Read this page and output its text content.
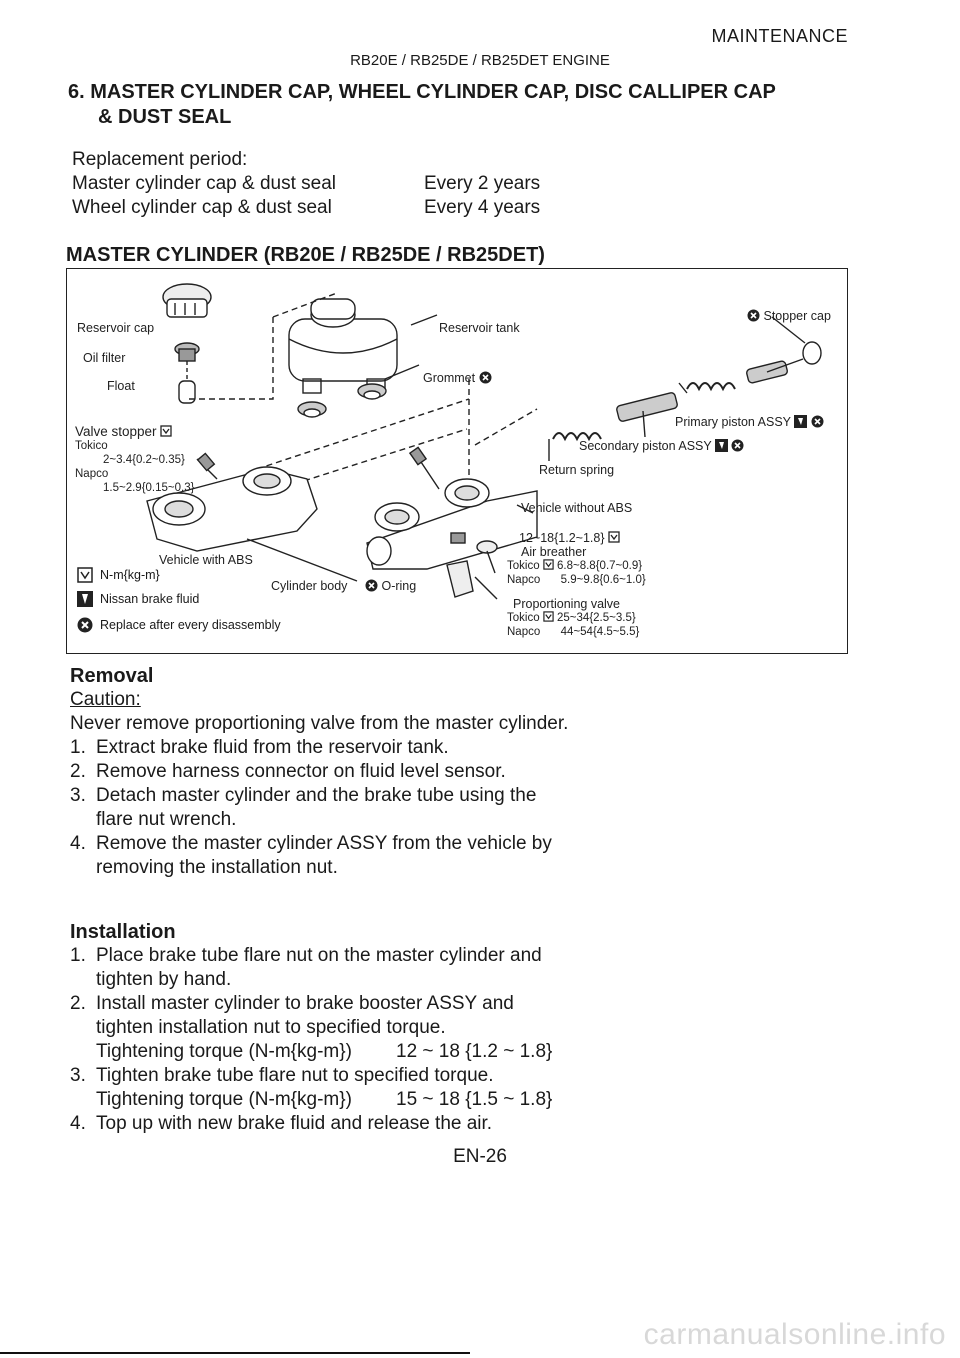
MAINTENANCE
RB20E / RB25DE / RB25DET ENGINE
6. MASTER CYLINDER CAP, WHEEL CYLINDER CAP, DISC CALLIPER CAP
& DUST SEAL
Replacement period:
Master cylinder cap & dust seal	Every 2 years
Wheel cylinder cap & dust seal	Every 4 years
MASTER CYLINDER (RB20E / RB25DE / RB25DET)
Reservoir cap
Oil filter
Float
Valve stopper
Tokico
2~3.4{0.2~0.35}
Napco
1.5~2.9{0.15~0.3}
Reservoir tank
Grommet
Stopper cap
Primary piston ASSY
Secondary piston ASSY
Return spring
Vehicle without ABS
Vehicle with ABS
Cylinder body	O-ring
12~18{1.2~1.8}
Air breather
Tokico 6.8~8.8{0.7~0.9}
Napco 5.9~9.8{0.6~1.0}
Proportioning valve
Tokico 25~34{2.5~3.5}
Napco 44~54{4.5~5.5}
N-m{kg-m}
Nissan brake fluid
Replace after every disassembly
Removal
Caution:
Never remove proportioning valve from the master cylinder.
1. Extract brake fluid from the reservoir tank.
2. Remove harness connector on fluid level sensor.
3. Detach master cylinder and the brake tube using the flare nut wrench.
4. Remove the master cylinder ASSY from the vehicle by removing the installation nut.
Installation
1. Place brake tube flare nut on the master cylinder and tighten by hand.
2. Install master cylinder to brake booster ASSY and tighten installation nut to specified torque.
Tightening torque (N-m{kg-m})	12 ~ 18 {1.2 ~ 1.8}
3. Tighten brake tube flare nut to specified torque.
Tightening torque (N-m{kg-m})	15 ~ 18 {1.5 ~ 1.8}
4. Top up with new brake fluid and release the air.
EN-26
carmanualsonline.info
